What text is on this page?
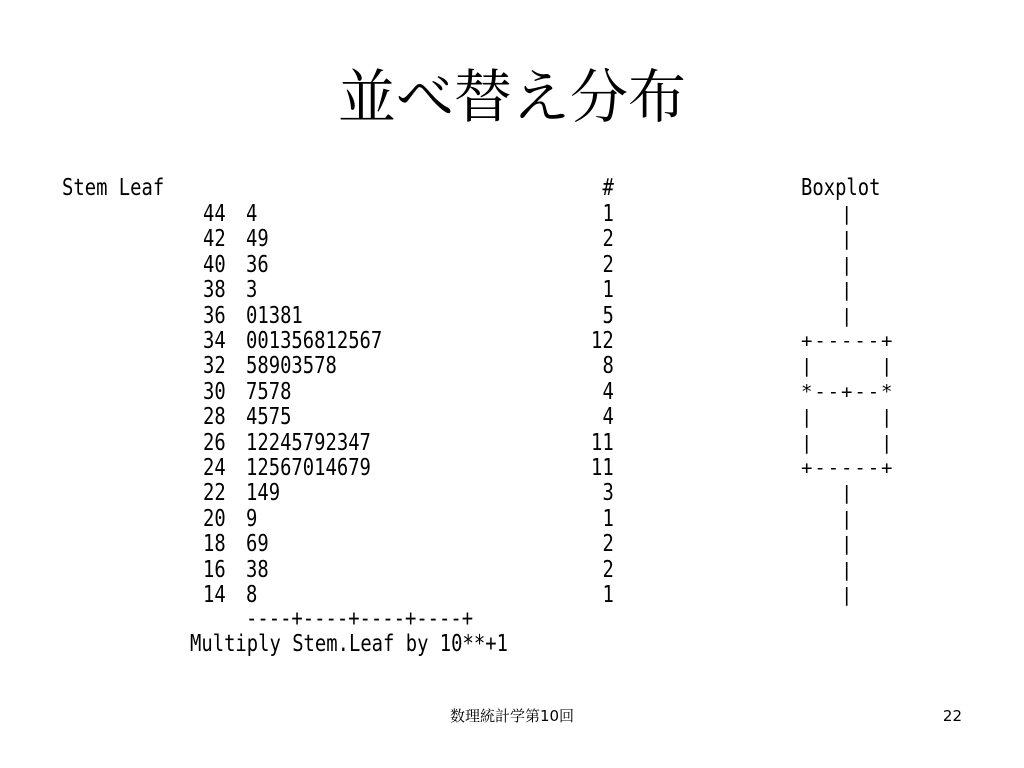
並べ替え分布
Stem Leaf	#	Boxplot
44 4	1	|
42 49	2	|
40 36	2	|
38 3	1	|
36 01381	5	|
34 001356812567	12	+-----+
32 58903578	8	|     |
30 7578	4	*--+--*
28 4575	4	|     |
26 12245792347	11	|     |
24 12567014679	11	+-----+
22 149	3	|
20 9	1	|
18 69	2	|
16 38	2	|
14 8	1	|
----+----+----+----+
Multiply Stem.Leaf by 10**+1
数理統計学第10回	22
